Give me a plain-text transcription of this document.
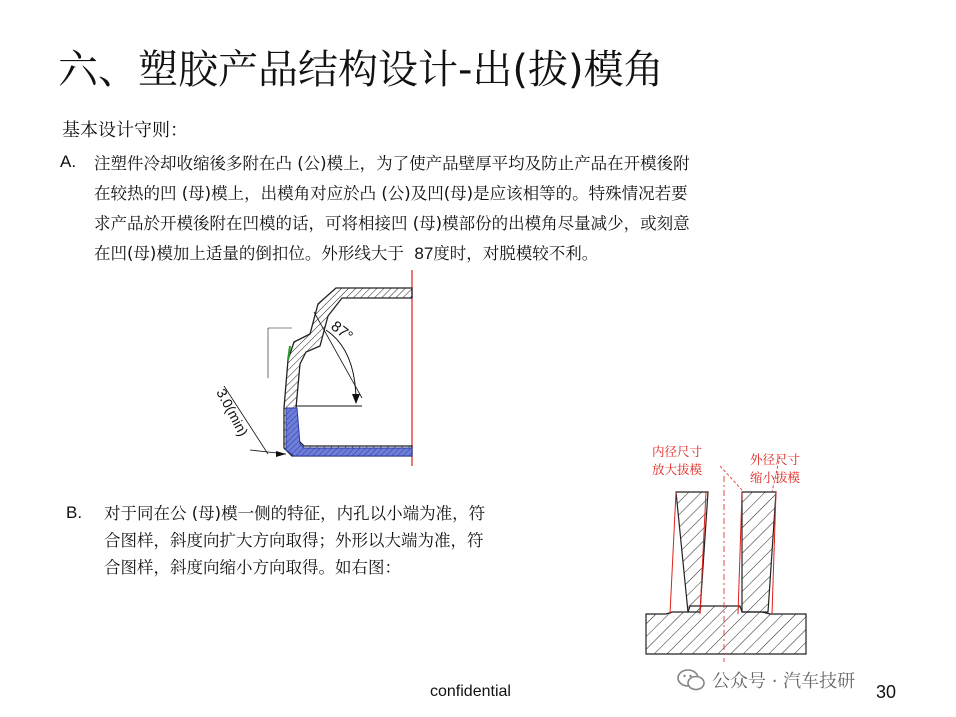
六、塑胶产品结构设计-出(拔)模角
基本设计守则：
A. 注塑件冷却收缩後多附在凸 (公)模上，为了使产品壁厚平均及防止产品在开模後附
在较热的凹 (母)模上，出模角对应於凸 (公)及凹(母)是应该相等的。特殊情况若要
求产品於开模後附在凹模的话，可将相接凹 (母)模部份的出模角尽量减少，或刻意
在凹(母)模加上适量的倒扣位。外形线大于 87度时，对脱模较不利。
87°
3.0(min)
B. 对于同在公 (母)模一侧的特征，内孔以小端为准，符
合图样，斜度向扩大方向取得；外形以大端为准，符
合图样，斜度向缩小方向取得。如右图：
内径尺寸
放大拔模
外径尺寸
缩小拔模
confidential	公众号 · 汽车技研 30
